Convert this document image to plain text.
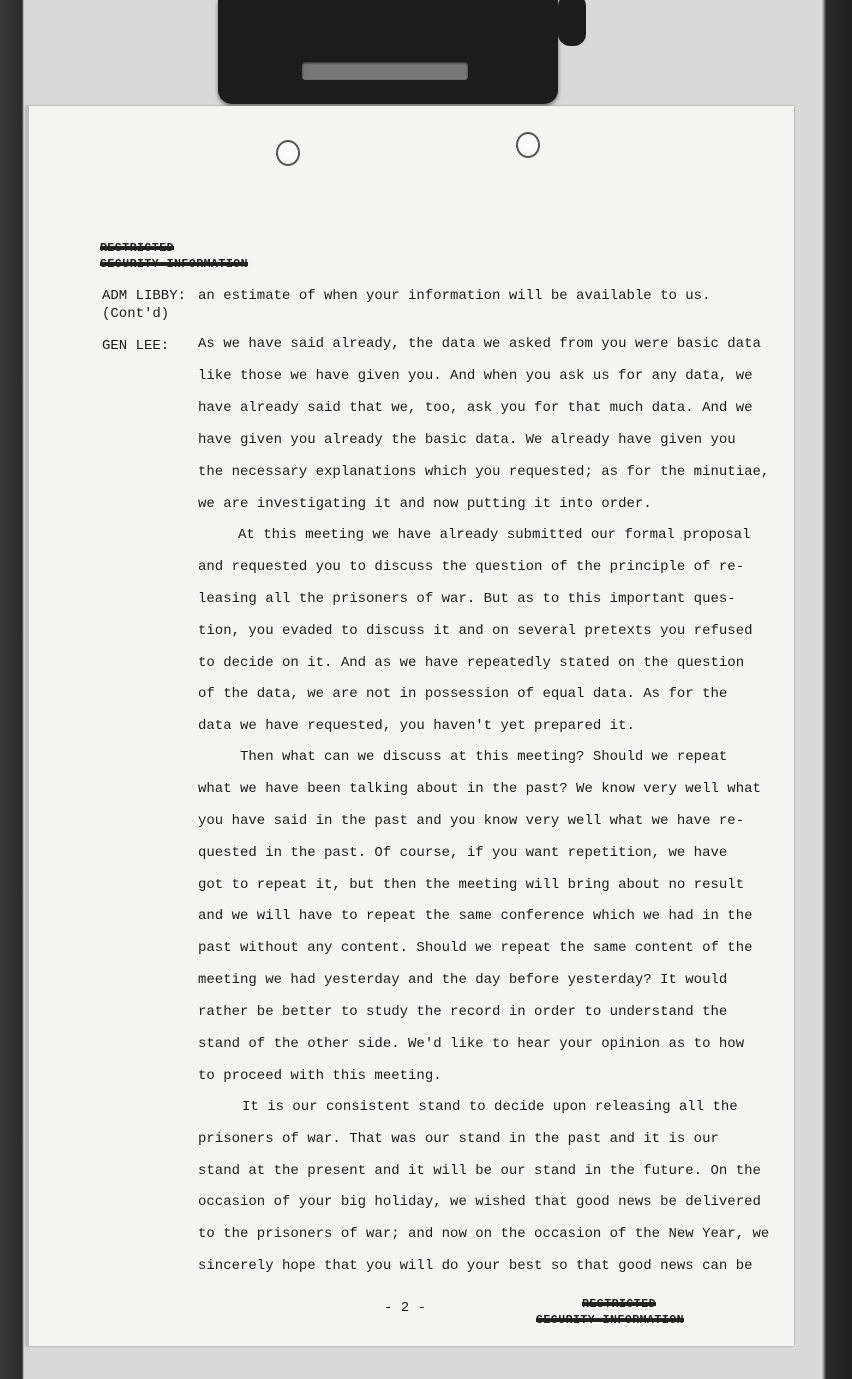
RESTRICTED
SECURITY INFORMATION
ADM LIBBY:
(Cont'd)
GEN LEE:
an estimate of when your information will be available to us.
As we have said already, the data we asked from you were basic data
like those we have given you. And when you ask us for any data, we
have already said that we, too, ask you for that much data. And we
have given you already the basic data. We already have given you
the necessary explanations which you requested; as for the minutiae,
we are investigating it and now putting it into order.
At this meeting we have already submitted our formal proposal
and requested you to discuss the question of the principle of re-
leasing all the prisoners of war. But as to this important ques-
tion, you evaded to discuss it and on several pretexts you refused
to decide on it. And as we have repeatedly stated on the question
of the data, we are not in possession of equal data. As for the
data we have requested, you haven't yet prepared it.
Then what can we discuss at this meeting? Should we repeat
what we have been talking about in the past? We know very well what
you have said in the past and you know very well what we have re-
quested in the past. Of course, if you want repetition, we have
got to repeat it, but then the meeting will bring about no result
and we will have to repeat the same conference which we had in the
past without any content. Should we repeat the same content of the
meeting we had yesterday and the day before yesterday? It would
rather be better to study the record in order to understand the
stand of the other side. We'd like to hear your opinion as to how
to proceed with this meeting.
It is our consistent stand to decide upon releasing all the
prisoners of war. That was our stand in the past and it is our
stand at the present and it will be our stand in the future. On the
occasion of your big holiday, we wished that good news be delivered
to the prisoners of war; and now on the occasion of the New Year, we
sincerely hope that you will do your best so that good news can be
- 2 -	RESTRICTED
SECURITY INFORMATION
